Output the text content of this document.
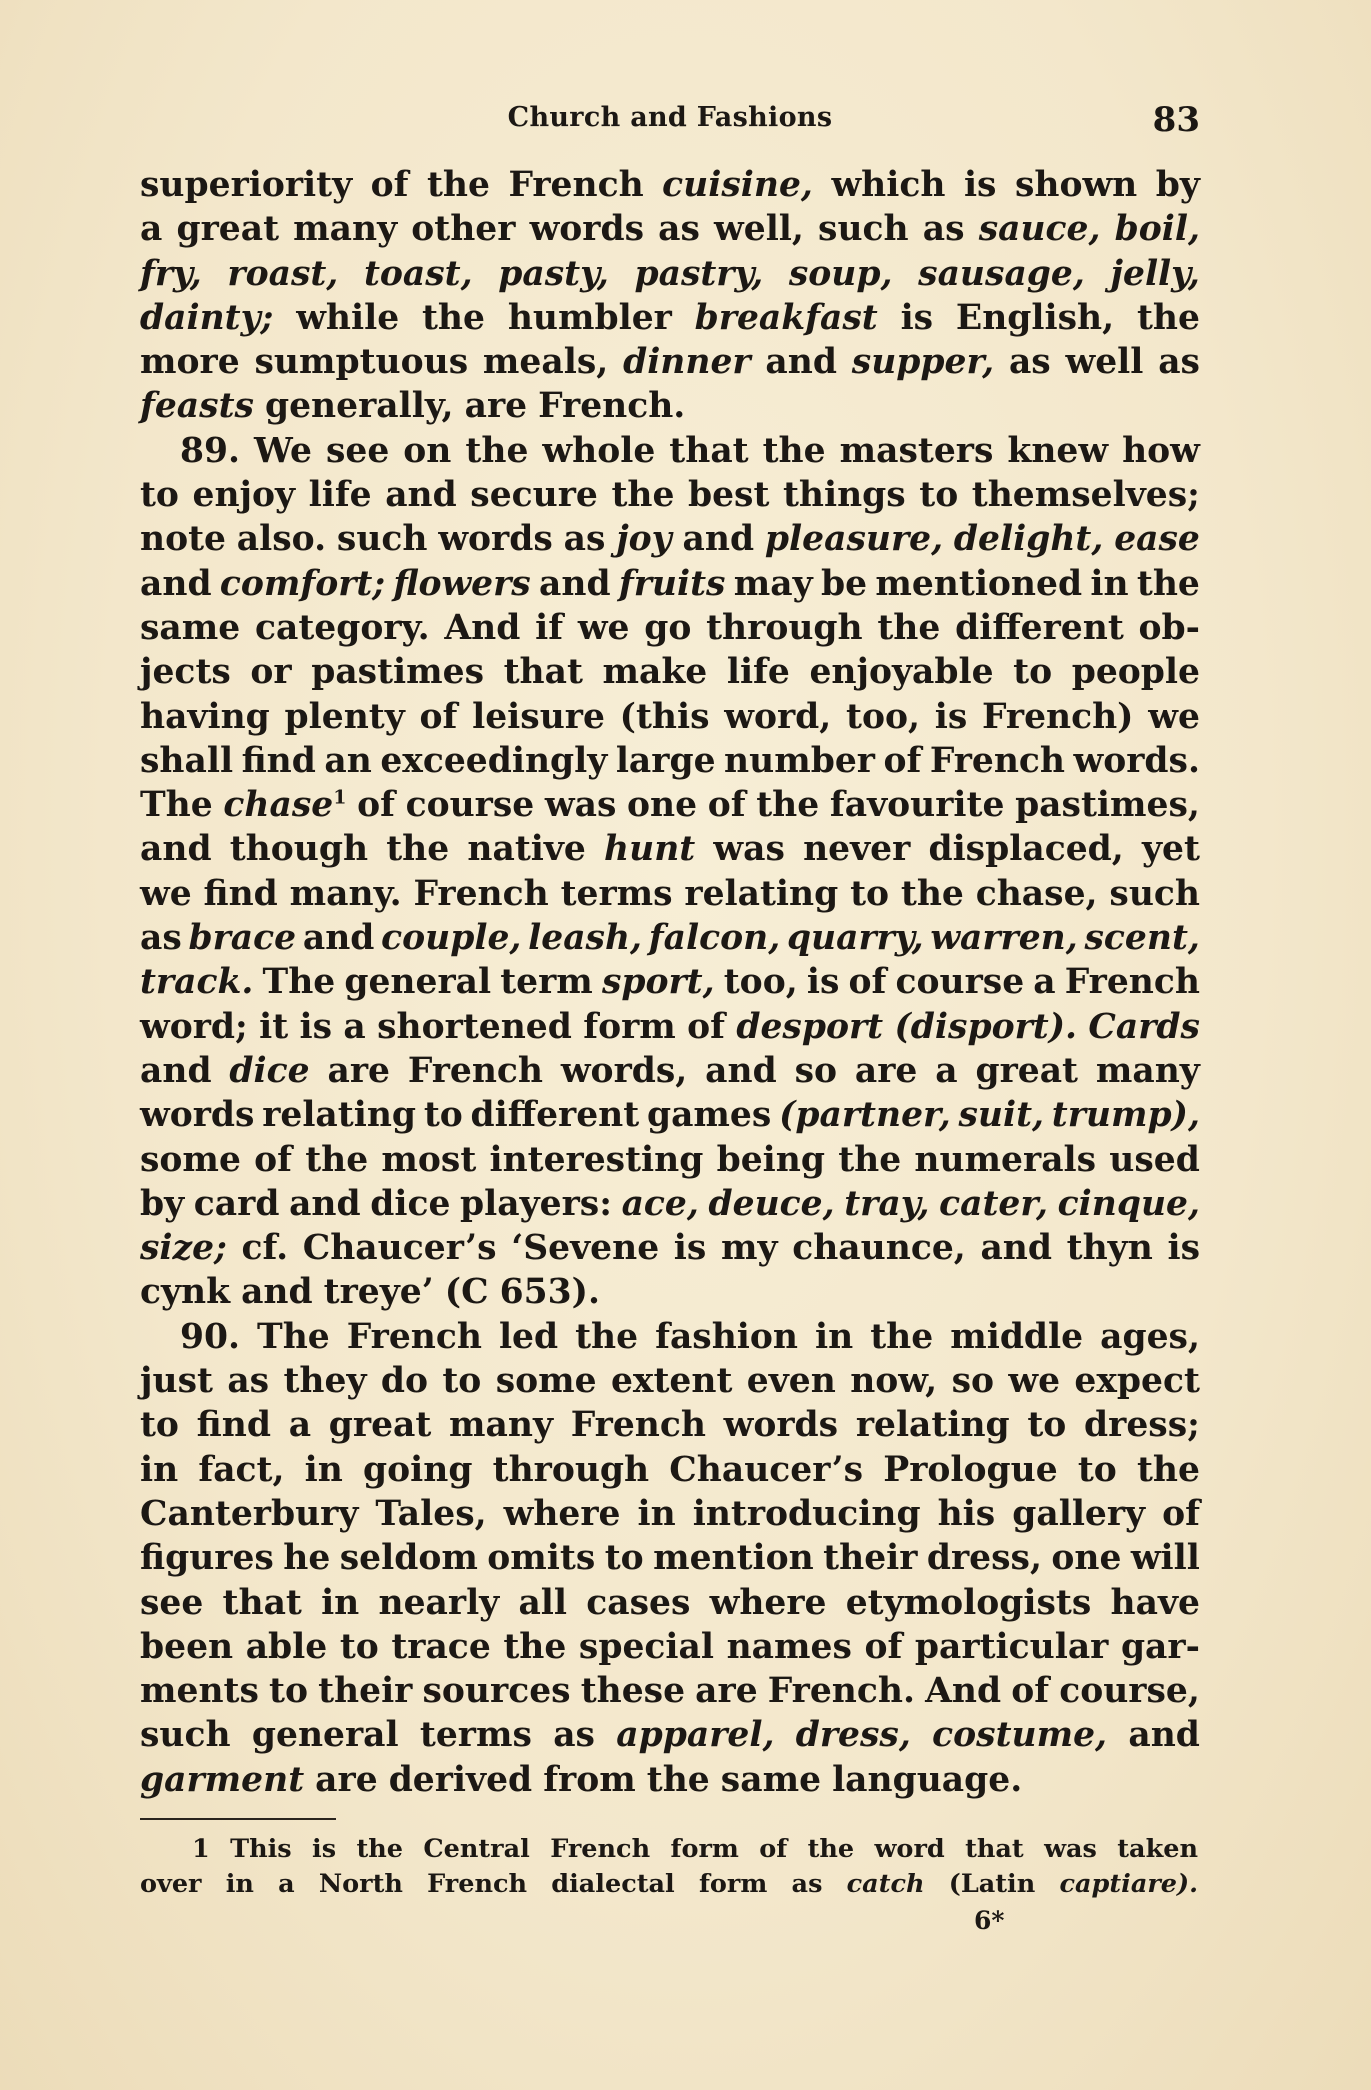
Church and Fashions	83
superiority of the French cuisine, which is shown by
a great many other words as well, such as sauce, boil,
fry, roast, toast, pasty, pastry, soup, sausage, jelly,
dainty; while the humbler breakfast is English, the
more sumptuous meals, dinner and supper, as well as
feasts generally, are French.
89. We see on the whole that the masters knew how
to enjoy life and secure the best things to themselves;
note also. such words as joy and pleasure, delight, ease
and comfort; flowers and fruits may be mentioned in the
same category. And if we go through the different ob-
jects or pastimes that make life enjoyable to people
having plenty of leisure (this word, too, is French) we
shall find an exceedingly large number of French words.
The chase$^1$ of course was one of the favourite pastimes,
and though the native hunt was never displaced, yet
we find many. French terms relating to the chase, such
as brace and couple, leash, falcon, quarry, warren, scent,
track. The general term sport, too, is of course a French
word; it is a shortened form of desport (disport). Cards
and dice are French words, and so are a great many
words relating to different games (partner, suit, trump),
some of the most interesting being the numerals used
by card and dice players: ace, deuce, tray, cater, cinque,
size; cf. Chaucer’s ‘Sevene is my chaunce, and thyn is
cynk and treye’ (C 653).
90. The French led the fashion in the middle ages,
just as they do to some extent even now, so we expect
to find a great many French words relating to dress;
in fact, in going through Chaucer’s Prologue to the
Canterbury Tales, where in introducing his gallery of
figures he seldom omits to mention their dress, one will
see that in nearly all cases where etymologists have
been able to trace the special names of particular gar-
ments to their sources these are French. And of course,
such general terms as apparel, dress, costume, and
garment are derived from the same language.
1 This is the Central French form of the word that was taken
over in a North French dialectal form as catch (Latin captiare).
6*
